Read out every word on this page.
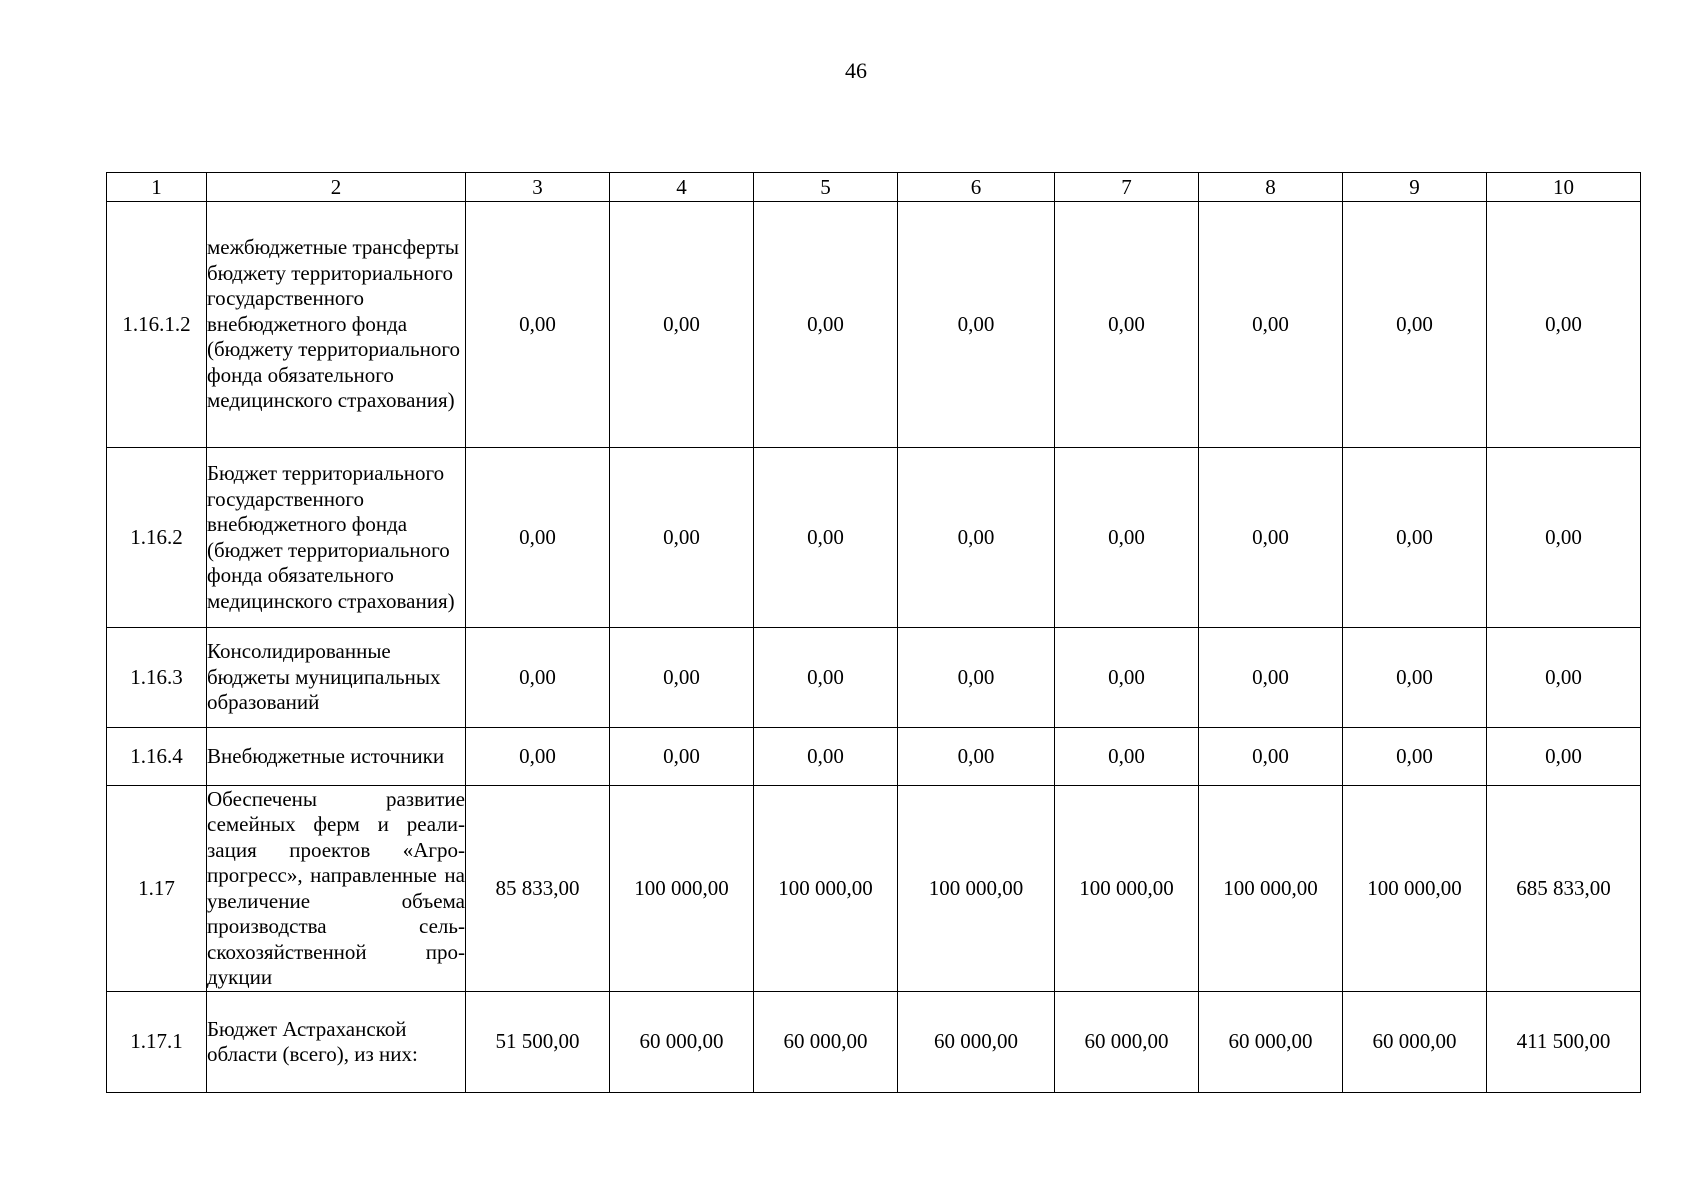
46
1	2	3	4	5	6	7	8	9	10
1.16.1.2	межбюджетные трансферты бюджету территориального государственного внебюджетного фонда (бюджету территориального фонда обязательного медицинского страхования)	0,00	0,00	0,00	0,00	0,00	0,00	0,00	0,00
1.16.2	Бюджет территориального государственного внебюджетного фонда (бюджет территориального фонда обязательного медицинского страхования)	0,00	0,00	0,00	0,00	0,00	0,00	0,00	0,00
1.16.3	Консолидированные бюджеты муниципальных образований	0,00	0,00	0,00	0,00	0,00	0,00	0,00	0,00
1.16.4	Внебюджетные источники	0,00	0,00	0,00	0,00	0,00	0,00	0,00	0,00
1.17	Обеспечены развитие семейных ферм и реализация проектов «Агропрогресс», направленные на увеличение объема производства сельскохозяйственной продукции	85 833,00	100 000,00	100 000,00	100 000,00	100 000,00	100 000,00	100 000,00	685 833,00
1.17.1	Бюджет Астраханской области (всего), из них:	51 500,00	60 000,00	60 000,00	60 000,00	60 000,00	60 000,00	60 000,00	411 500,00
